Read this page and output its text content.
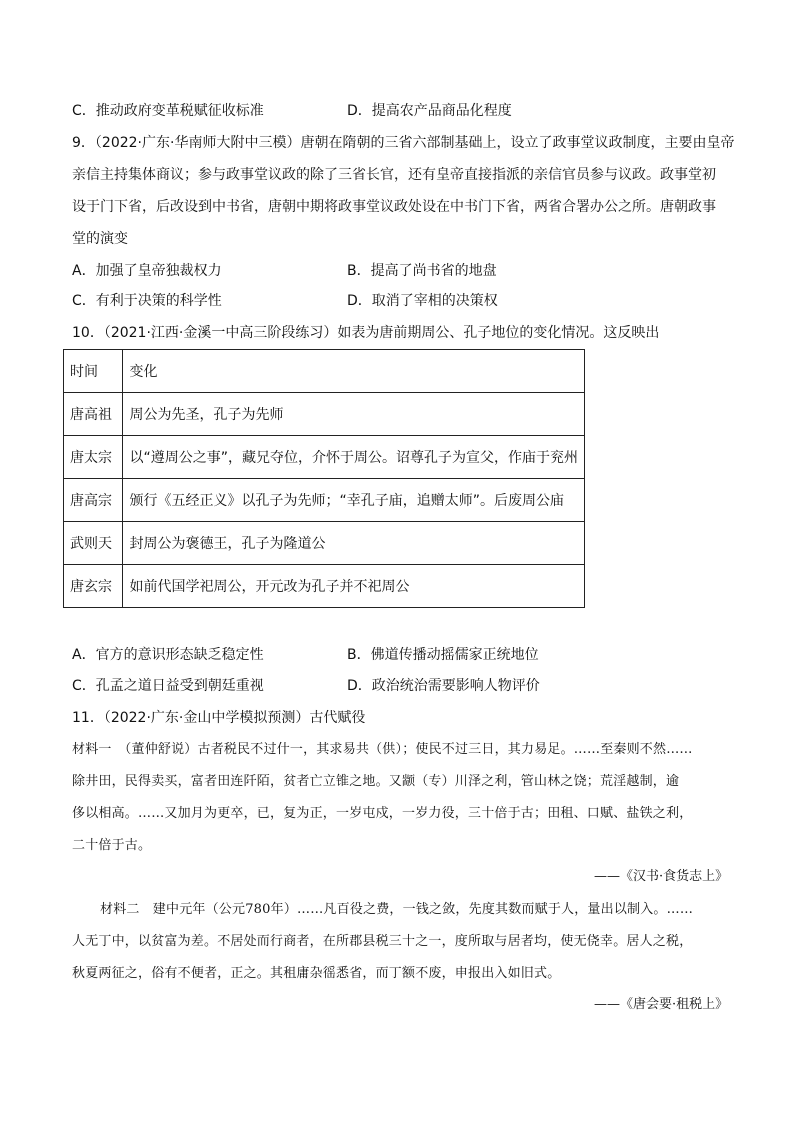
C．推动政府变革税赋征收标准	D．提高农产品商品化程度
9．（2022·广东·华南师大附中三模）唐朝在隋朝的三省六部制基础上，设立了政事堂议政制度，主要由皇帝
亲信主持集体商议；参与政事堂议政的除了三省长官，还有皇帝直接指派的亲信官员参与议政。政事堂初
设于门下省，后改设到中书省，唐朝中期将政事堂议政处设在中书门下省，两省合署办公之所。唐朝政事
堂的演变
A．加强了皇帝独裁权力	B．提高了尚书省的地盘
C．有利于决策的科学性	D．取消了宰相的决策权
10．（2021·江西·金溪一中高三阶段练习）如表为唐前期周公、孔子地位的变化情况。这反映出
时间	变化
唐高祖	周公为先圣，孔子为先师
唐太宗	以“遵周公之事”，藏兄夺位，介怀于周公。诏尊孔子为宣父，作庙于兖州
唐高宗	颁行《五经正义》以孔子为先师；“幸孔子庙，追赠太师”。后废周公庙
武则天	封周公为褒德王，孔子为隆道公
唐玄宗	如前代国学祀周公，开元改为孔子并不祀周公
A．官方的意识形态缺乏稳定性	B．佛道传播动摇儒家正统地位
C．孔孟之道日益受到朝廷重视	D．政治统治需要影响人物评价
11．（2022·广东·金山中学模拟预测）古代赋役
材料一　（董仲舒说）古者税民不过什一，其求易共（供）；使民不过三日，其力易足。……至秦则不然……
除井田，民得卖买，富者田连阡陌，贫者亡立锥之地。又颛（专）川泽之利，管山林之饶；荒淫越制，逾
侈以相高。……又加月为更卒，已，复为正，一岁屯戍，一岁力役，三十倍于古；田租、口赋、盐铁之利，
二十倍于古。
——《汉书·食货志上》
材料二　建中元年（公元780年）……凡百役之费，一钱之敛，先度其数而赋于人，量出以制入。……
人无丁中，以贫富为差。不居处而行商者，在所郡县税三十之一，度所取与居者均，使无侥幸。居人之税，
秋夏两征之，俗有不便者，正之。其租庸杂徭悉省，而丁额不废，申报出入如旧式。
——《唐会要·租税上》
